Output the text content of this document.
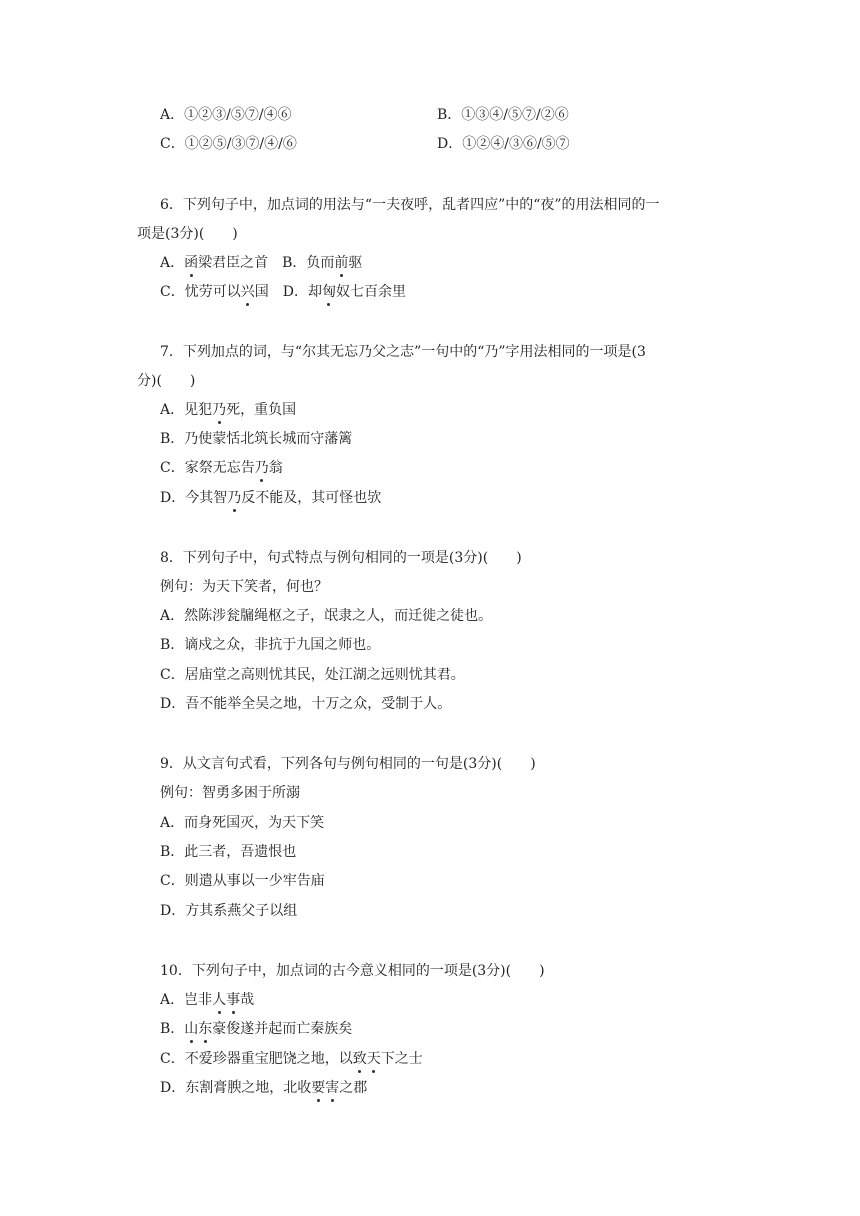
A．①②③/⑤⑦/④⑥	B．①③④/⑤⑦/②⑥
C．①②⑤/③⑦/④/⑥	D．①②④/③⑥/⑤⑦
6．下列句子中，加点词的用法与“一夫夜呼，乱者四应”中的“夜”的用法相同的一
项是(3分)(　　)
A．函梁君臣之首　 B．负而前驱
C．忧劳可以兴国　 D．却匈奴七百余里
7．下列加点的词，与“尔其无忘乃父之志”一句中的“乃”字用法相同的一项是(3
分)(　　)
A．见犯乃死，重负国
B．乃使蒙恬北筑长城而守藩篱
C．家祭无忘告乃翁
D．今其智乃反不能及，其可怪也欤
8．下列句子中，句式特点与例句相同的一项是(3分)(　　)
例句：为天下笑者，何也？
A．然陈涉瓮牖绳枢之子，氓隶之人，而迁徙之徒也。
B．谪戍之众，非抗于九国之师也。
C．居庙堂之高则忧其民，处江湖之远则忧其君。
D．吾不能举全吴之地，十万之众，受制于人。
9．从文言句式看，下列各句与例句相同的一句是(3分)(　　)
例句：智勇多困于所溺
A．而身死国灭，为天下笑
B．此三者，吾遗恨也
C．则遣从事以一少牢告庙
D．方其系燕父子以组
10．下列句子中，加点词的古今意义相同的一项是(3分)(　　)
A．岂非人事哉
B．山东豪俊遂并起而亡秦族矣
C．不爱珍器重宝肥饶之地，以致天下之士
D．东割膏腴之地，北收要害之郡
